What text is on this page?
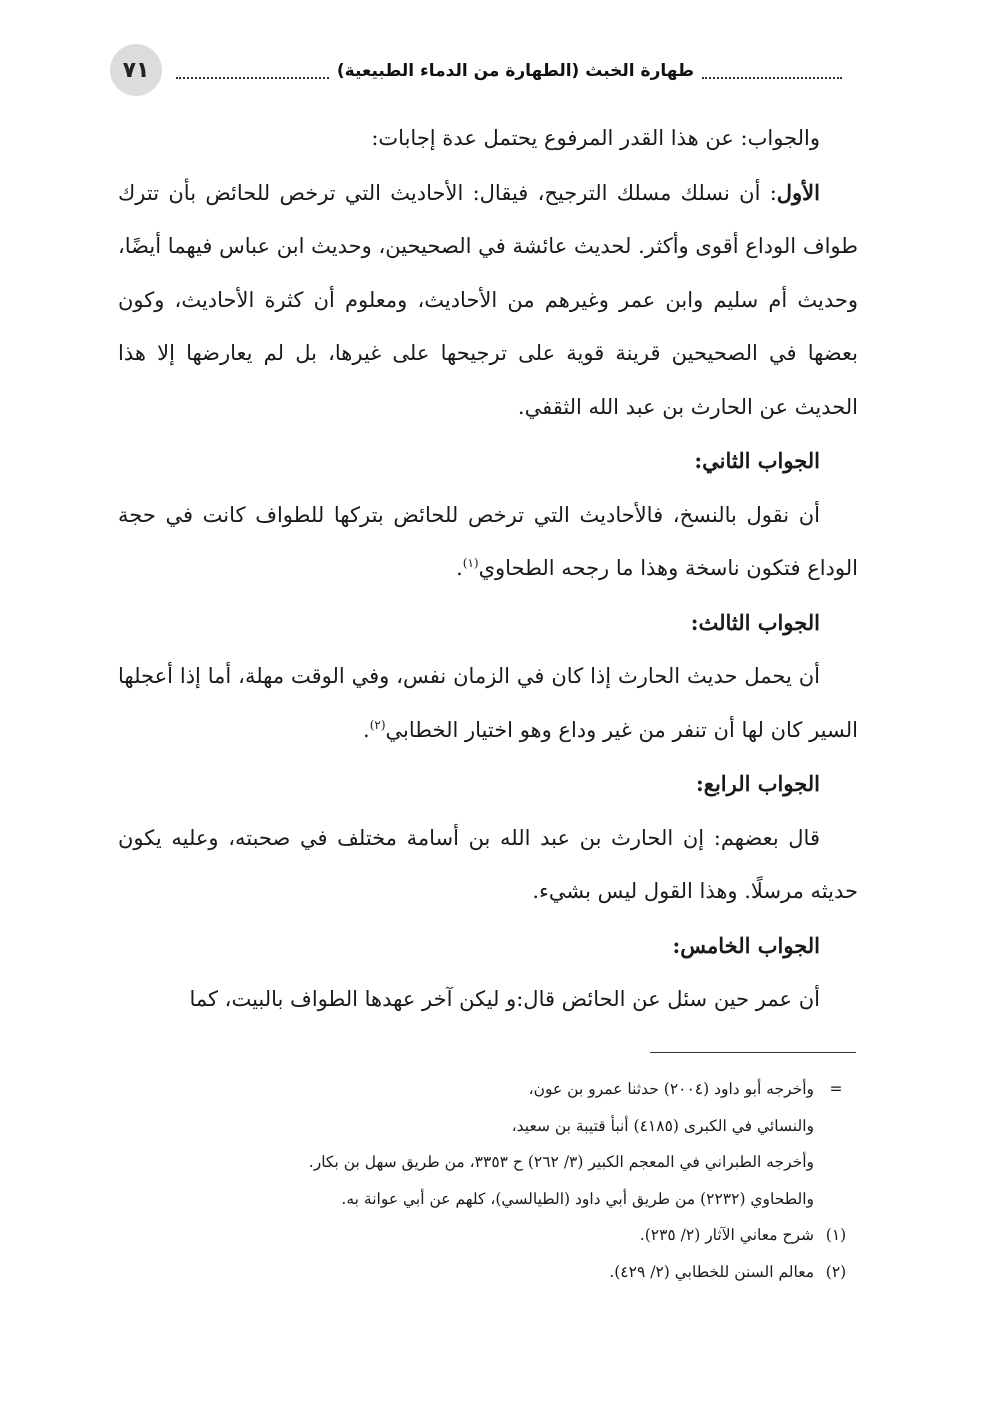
٧١	طهارة الخبث (الطهارة من الدماء الطبيعية)

والجواب: عن هذا القدر المرفوع يحتمل عدة إجابات:

الأول: أن نسلك مسلك الترجيح، فيقال: الأحاديث التي ترخص للحائض بأن تترك طواف الوداع أقوى وأكثر. لحديث عائشة في الصحيحين، وحديث ابن عباس فيهما أيضًا، وحديث أم سليم وابن عمر وغيرهم من الأحاديث، ومعلوم أن كثرة الأحاديث، وكون بعضها في الصحيحين قرينة قوية على ترجيحها على غيرها، بل لم يعارضها إلا هذا الحديث عن الحارث بن عبد الله الثقفي.

الجواب الثاني:

أن نقول بالنسخ، فالأحاديث التي ترخص للحائض بتركها للطواف كانت في حجة الوداع فتكون ناسخة وهذا ما رجحه الطحاوي$^{(١)}$.

الجواب الثالث:

أن يحمل حديث الحارث إذا كان في الزمان نفس، وفي الوقت مهلة، أما إذا أعجلها السير كان لها أن تنفر من غير وداع وهو اختيار الخطابي$^{(٢)}$.

الجواب الرابع:

قال بعضهم: إن الحارث بن عبد الله بن أسامة مختلف في صحبته، وعليه يكون حديثه مرسلًا. وهذا القول ليس بشيء.

الجواب الخامس:

أن عمر حين سئل عن الحائض قال:و ليكن آخر عهدها الطواف بالبيت، كما

=
وأخرجه أبو داود (٢٠٠٤) حدثنا عمرو بن عون،
والنسائي في الكبرى (٤١٨٥) أنبأ قتيبة بن سعيد،
وأخرجه الطبراني في المعجم الكبير (٣/ ٢٦٢) ح ٣٣٥٣، من طريق سهل بن بكار.
والطحاوي (٢٢٣٢) من طريق أبي داود (الطيالسي)، كلهم عن أبي عوانة به.
(١)
شرح معاني الآثار (٢/ ٢٣٥).
(٢)
معالم السنن للخطابي (٢/ ٤٢٩).
